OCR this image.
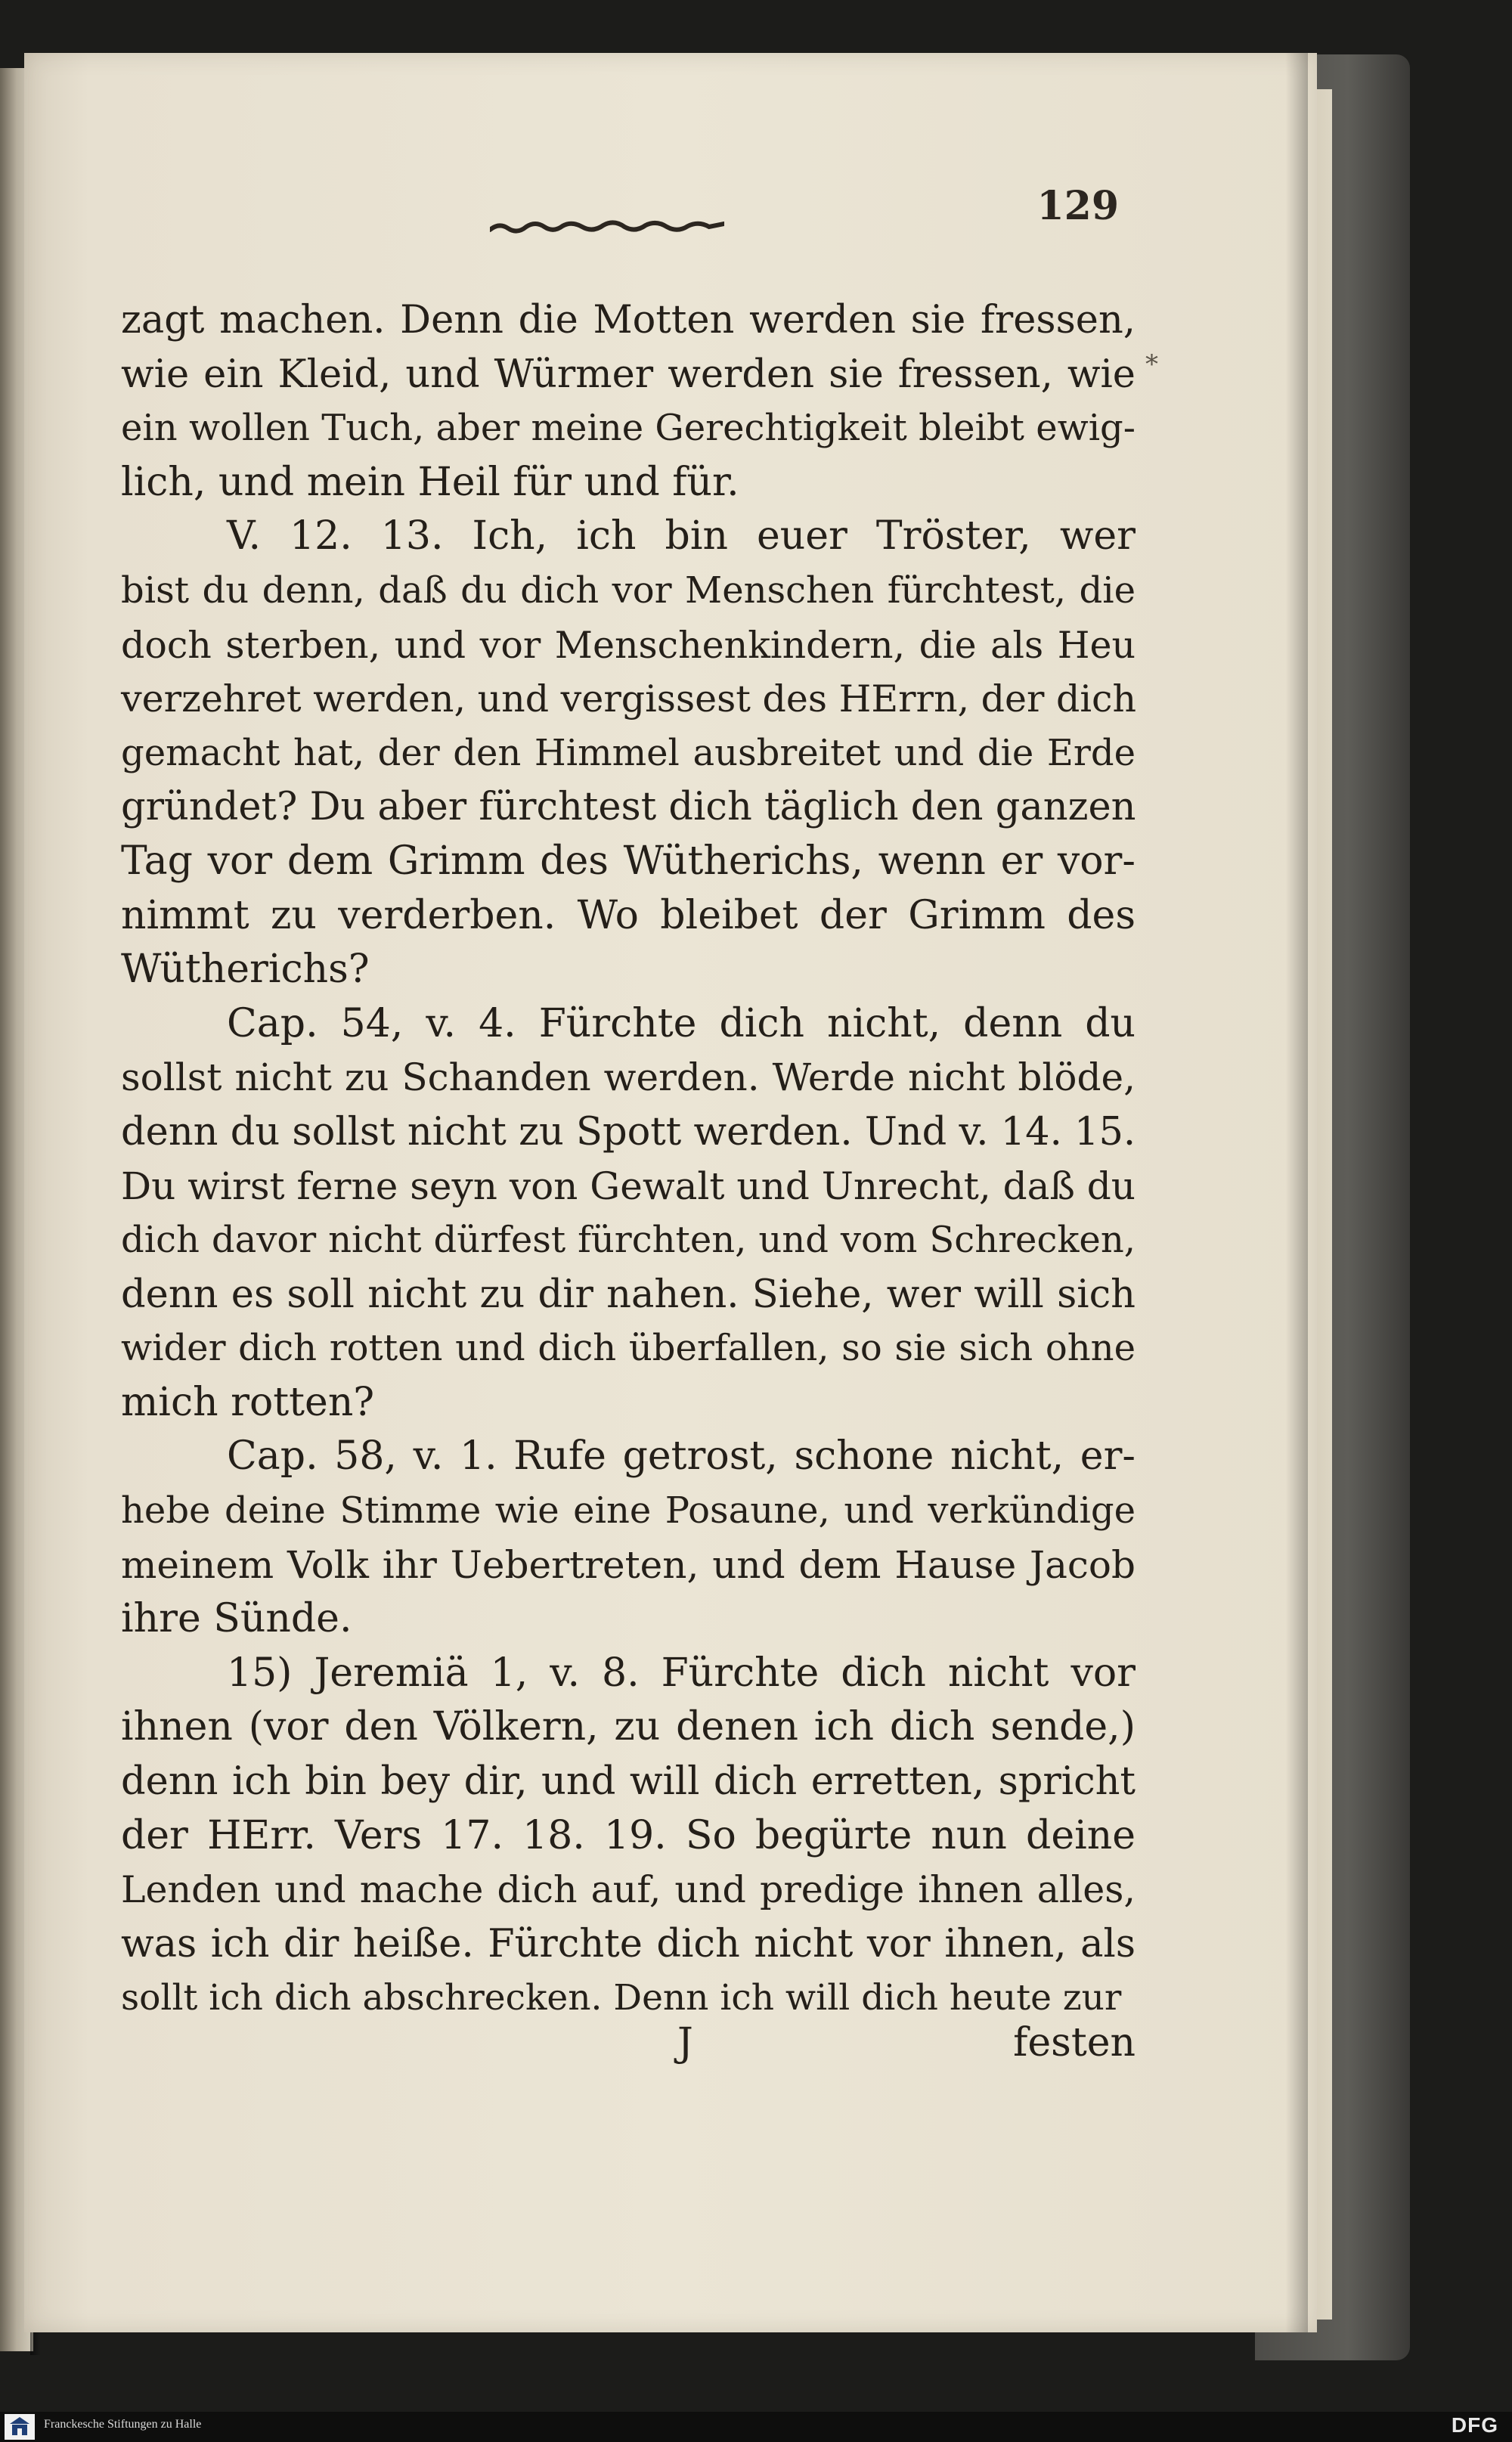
129
*
zagt machen. Denn die Motten werden sie fressen,
wie ein Kleid, und Würmer werden sie fressen, wie
ein wollen Tuch, aber meine Gerechtigkeit bleibt ewig-
lich, und mein Heil für und für.
V. 12. 13. Ich, ich bin euer Tröster, wer
bist du denn, daß du dich vor Menschen fürchtest, die
doch sterben, und vor Menschenkindern, die als Heu
verzehret werden, und vergissest des HErrn, der dich
gemacht hat, der den Himmel ausbreitet und die Erde
gründet? Du aber fürchtest dich täglich den ganzen
Tag vor dem Grimm des Wütherichs, wenn er vor-
nimmt zu verderben. Wo bleibet der Grimm des
Wütherichs?
Cap. 54, v. 4. Fürchte dich nicht, denn du
sollst nicht zu Schanden werden. Werde nicht blöde,
denn du sollst nicht zu Spott werden. Und v. 14. 15.
Du wirst ferne seyn von Gewalt und Unrecht, daß du
dich davor nicht dürfest fürchten, und vom Schrecken,
denn es soll nicht zu dir nahen. Siehe, wer will sich
wider dich rotten und dich überfallen, so sie sich ohne
mich rotten?
Cap. 58, v. 1. Rufe getrost, schone nicht, er-
hebe deine Stimme wie eine Posaune, und verkündige
meinem Volk ihr Uebertreten, und dem Hause Jacob
ihre Sünde.
15) Jeremiä 1, v. 8. Fürchte dich nicht vor
ihnen (vor den Völkern, zu denen ich dich sende,)
denn ich bin bey dir, und will dich erretten, spricht
der HErr. Vers 17. 18. 19. So begürte nun deine
Lenden und mache dich auf, und predige ihnen alles,
was ich dir heiße. Fürchte dich nicht vor ihnen, als
sollt ich dich abschrecken. Denn ich will dich heute zur
J	festen
Franckesche Stiftungen zu Halle	DFG
